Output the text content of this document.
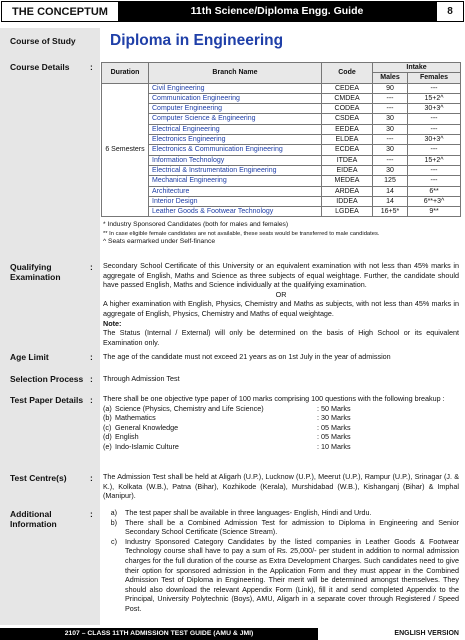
THE CONCEPTUM	11th Science/Diploma Engg. Guide	8
Course of Study Diploma in Engineering
Course Details :
Duration	Branch Name	Code	Intake	
			Males	Females
6 Semesters	Civil Engineering	CEDEA	90	---
	Communication Engineering	CMDEA	---	15+2^
	Computer Engineering	CODEA	---	30+3^
	Computer Science & Engineering	CSDEA	30	---
	Electrical Engineering	EEDEA	30	---
	Electronics Engineering	ELDEA	---	30+3^
	Electronics & Communication Engineering	ECDEA	30	---
	Information Technology	ITDEA	---	15+2^
	Electrical & Instrumentation Engineering	EIDEA	30	---
	Mechanical Engineering	MEDEA	125	---
	Architecture	ARDEA	14	6**
	Interior Design	IDDEA	14	6**+3^
	Leather Goods & Footwear Technology	LGDEA	16+5*	9**
* Industry Sponsored Candidates (both for males and females)
** In case eligible female candidates are not available, these seats would be transferred to male candidates.
^ Seats earmarked under Self-finance
Qualifying
Examination
: Secondary School Certificate of this University or an equivalent examination with not less than 45% marks in aggregate of English, Maths and Science as three subjects of equal weightage. Further, the candidate should have passed English, Maths and Science individually at the qualifying examination.
OR
A higher examination with English, Physics, Chemistry and Maths as subjects, with not less than 45% marks in aggregate of English, Physics, Chemistry and Maths of equal weightage.
Note:
The Status (Internal / External) will only be determined on the basis of High School or its equivalent Examination only.
Age Limit	: The age of the candidate must not exceed 21 years as on 1st July in the year of admission
Selection Process : Through Admission Test
Test Paper Details : There shall be one objective type paper of 100 marks comprising 100 questions with the following breakup :
(a) Science (Physics, Chemistry and Life Science)	: 50 Marks
(b) Mathematics	: 30 Marks
(c) General Knowledge	: 05 Marks
(d) English	: 05 Marks
(e) Indo-Islamic Culture	: 10 Marks
Test Centre(s)	: The Admission Test shall be held at Aligarh (U.P.), Lucknow (U.P.), Meerut (U.P.), Rampur (U.P.), Srinagar (J. & K.), Kolkata (W.B.), Patna (Bihar), Kozhikode (Kerala), Murshidabad (W.B.), Kishanganj (Bihar) & Imphal (Manipur).
Additional
Information
:	a) The test paper shall be available in three languages- English, Hindi and Urdu.
b) There shall be a Combined Admission Test for admission to Diploma in Engineering and Senior Secondary School Certificate (Science Stream).
c) Industry Sponsored Category Candidates by the listed companies in Leather Goods & Footwear Technology course shall have to pay a sum of Rs. 25,000/- per student in addition to normal admission charges for the full duration of the course as Extra Development Charges. Such candidates need to give their option for sponsored admission in the Application Form and they must appear in the Combined Admission Test of Diploma in Engineering. Their merit will be determined amongst themselves. They should also download the relevant Appendix Form (Link), fill it and send completed Appendix to the Principal, University Polytechnic (Boys), AMU, Aligarh in a separate cover through Registered / Speed Post.
2107 – CLASS 11TH ADMISSION TEST GUIDE (AMU & JMI)	ENGLISH VERSION
